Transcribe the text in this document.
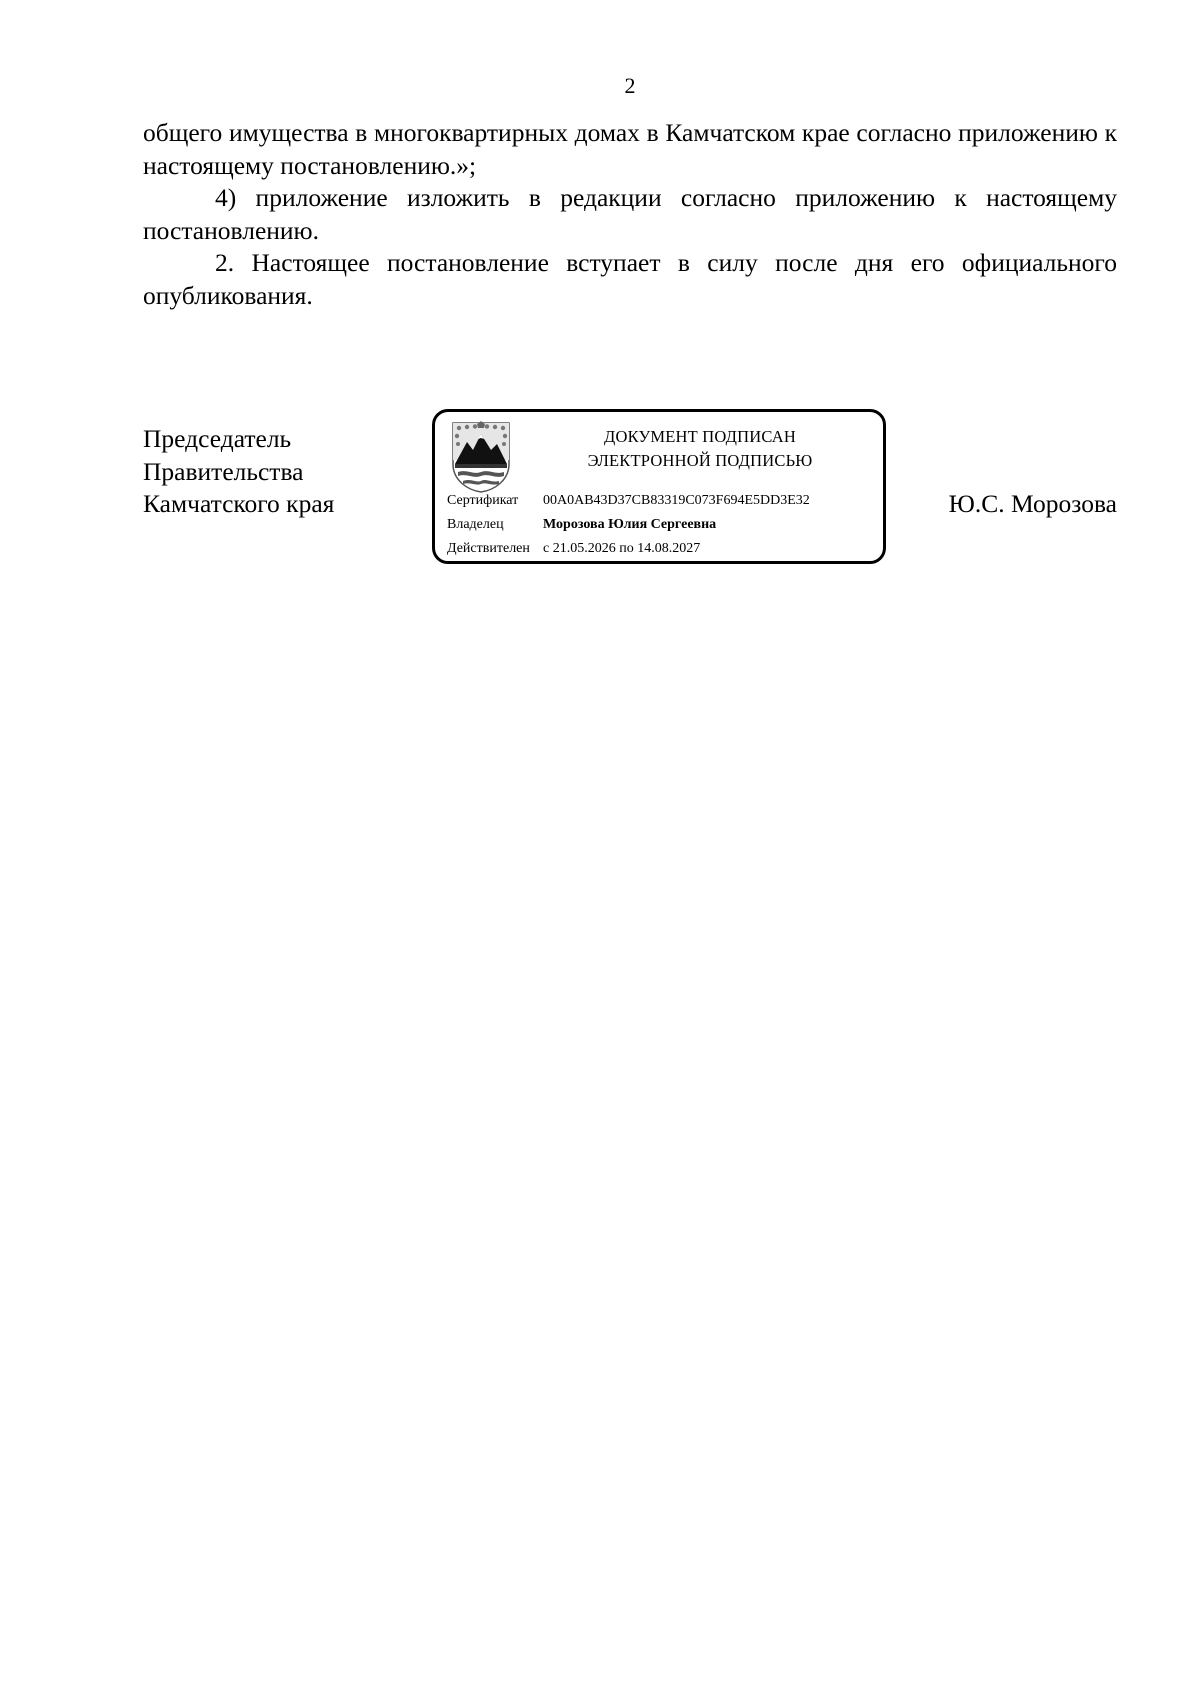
2

общего имущества в многоквартирных домах в Камчатском крае согласно приложению к настоящему постановлению.»;

4) приложение изложить в редакции согласно приложению к настоящему постановлению.

2. Настоящее постановление вступает в силу после дня его официального опубликования.

Председатель
Правительства
Камчатского края
ДОКУМЕНТ ПОДПИСАН
ЭЛЕКТРОННОЙ ПОДПИСЬЮ
Сертификат 00A0AB43D37CB83319C073F694E5DD3E32
Владелец	Морозова Юлия Сергеевна
Действителен с 21.05.2026 по 14.08.2027
Ю.С. Морозова
